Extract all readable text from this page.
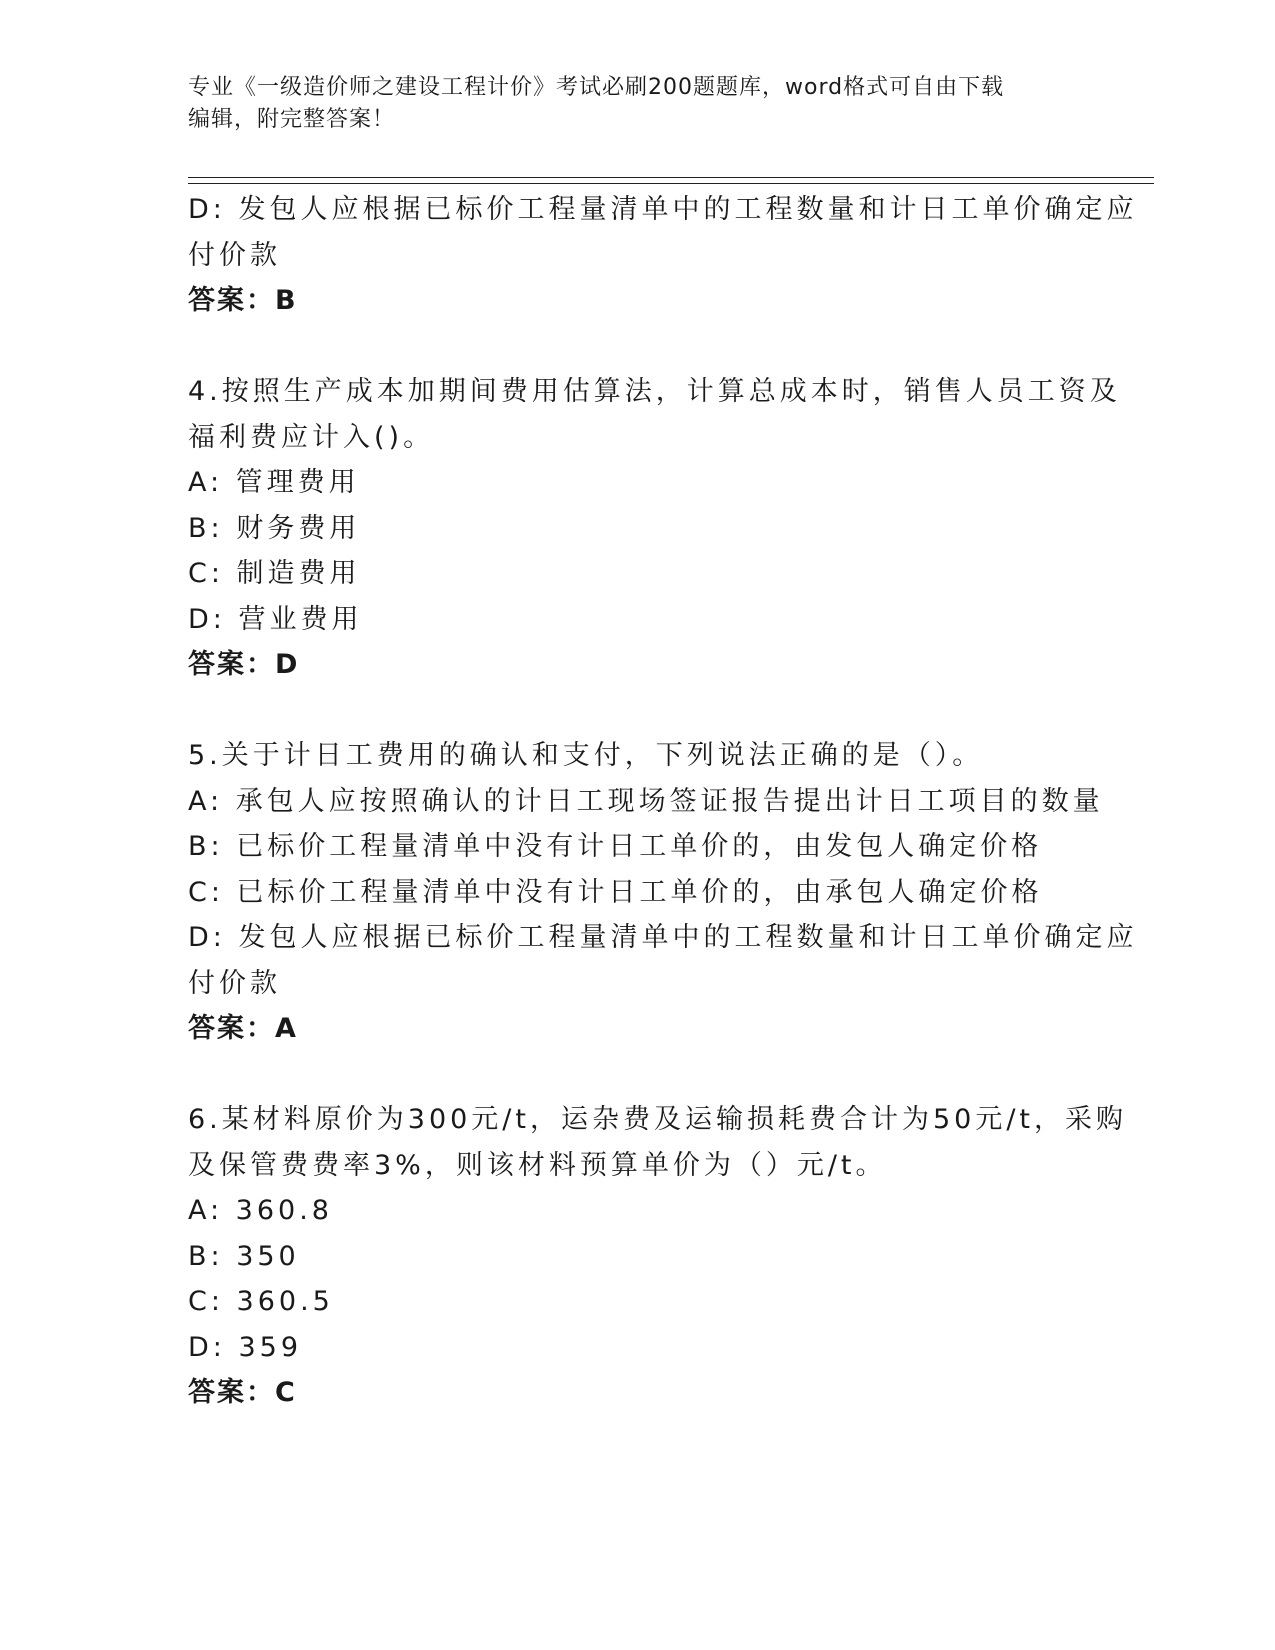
专业《一级造价师之建设工程计价》考试必刷200题题库，word格式可自由下载
编辑，附完整答案！
D: 发包人应根据已标价工程量清单中的工程数量和计日工单价确定应
付价款
答案：B
4.按照生产成本加期间费用估算法，计算总成本时，销售人员工资及
福利费应计入()。
A: 管理费用
B: 财务费用
C: 制造费用
D: 营业费用
答案：D
5.关于计日工费用的确认和支付，下列说法正确的是（）。
A: 承包人应按照确认的计日工现场签证报告提出计日工项目的数量
B: 已标价工程量清单中没有计日工单价的，由发包人确定价格
C: 已标价工程量清单中没有计日工单价的，由承包人确定价格
D: 发包人应根据已标价工程量清单中的工程数量和计日工单价确定应
付价款
答案：A
6.某材料原价为300元/t，运杂费及运输损耗费合计为50元/t，采购
及保管费费率3%，则该材料预算单价为（）元/t。
A: 360.8
B: 350
C: 360.5
D: 359
答案：C
